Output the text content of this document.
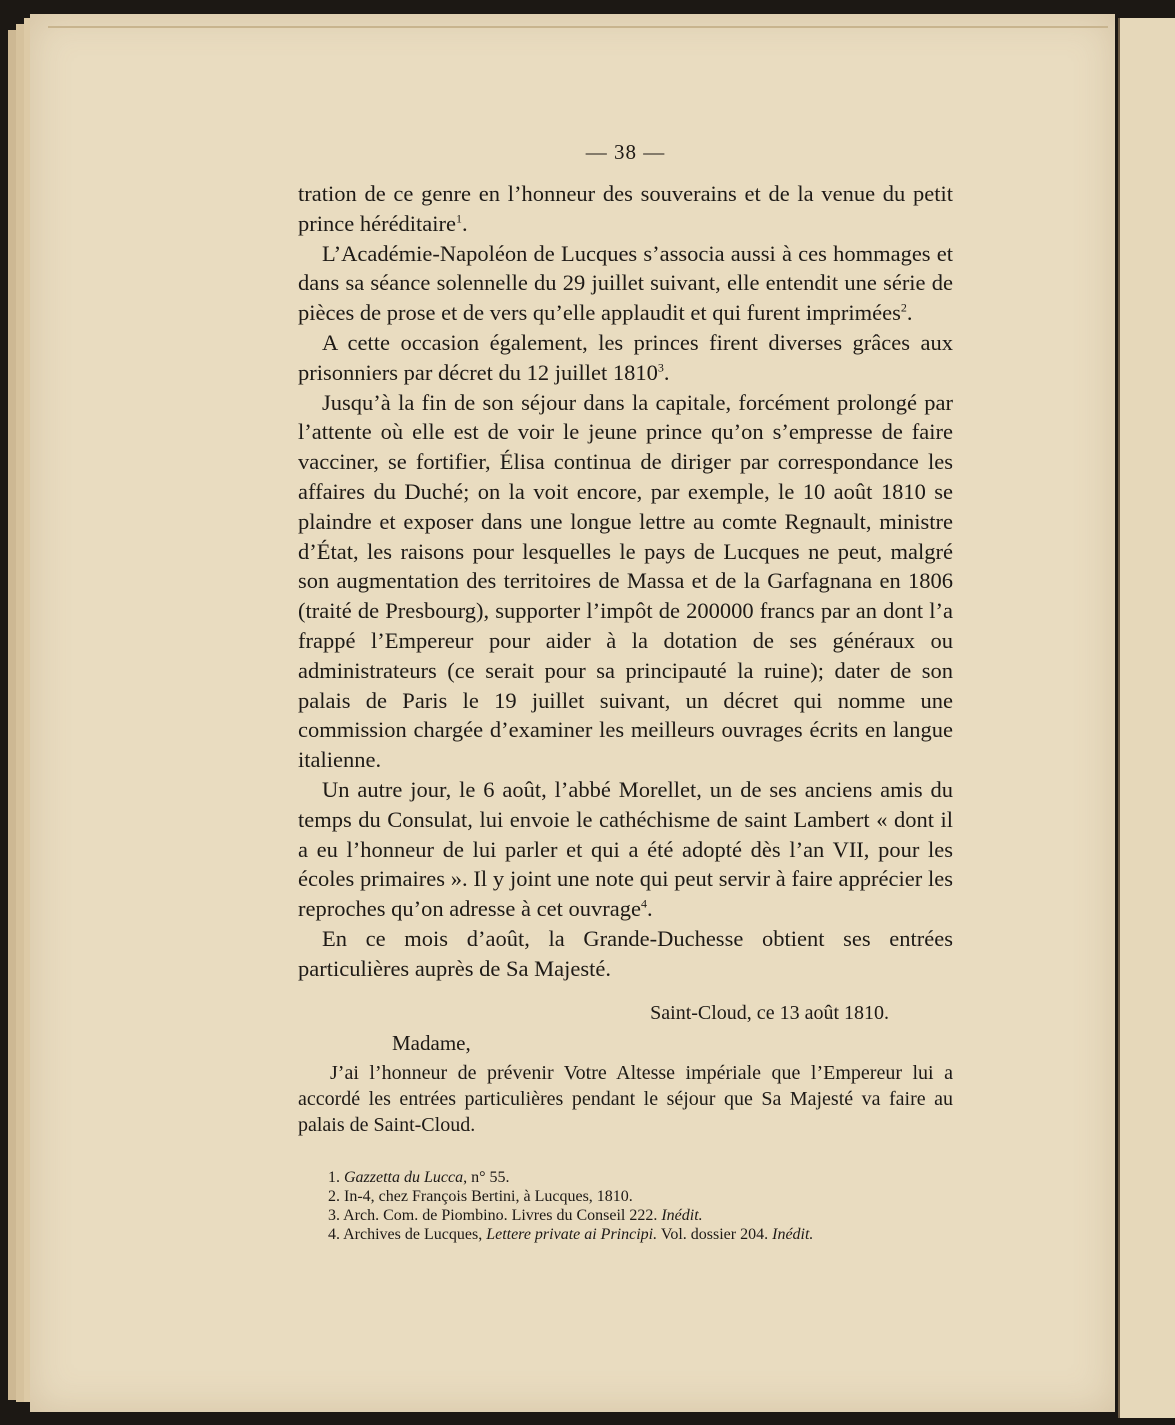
— 38 —

tration de ce genre en l’honneur des souverains et de la venue du petit prince héréditaire$^1$.

L’Académie-Napoléon de Lucques s’associa aussi à ces hommages et dans sa séance solennelle du 29 juillet suivant, elle entendit une série de pièces de prose et de vers qu’elle applaudit et qui furent imprimées$^2$.

A cette occasion également, les princes firent diverses grâces aux prisonniers par décret du 12 juillet 1810$^3$.

Jusqu’à la fin de son séjour dans la capitale, forcément prolongé par l’attente où elle est de voir le jeune prince qu’on s’empresse de faire vacciner, se fortifier, Élisa continua de diriger par correspondance les affaires du Duché; on la voit encore, par exemple, le 10 août 1810 se plaindre et exposer dans une longue lettre au comte Regnault, ministre d’État, les raisons pour lesquelles le pays de Lucques ne peut, malgré son augmentation des territoires de Massa et de la Garfagnana en 1806 (traité de Presbourg), supporter l’impôt de 200000 francs par an dont l’a frappé l’Empereur pour aider à la dotation de ses généraux ou administrateurs (ce serait pour sa principauté la ruine); dater de son palais de Paris le 19 juillet suivant, un décret qui nomme une commission chargée d’examiner les meilleurs ouvrages écrits en langue italienne.

Un autre jour, le 6 août, l’abbé Morellet, un de ses anciens amis du temps du Consulat, lui envoie le cathéchisme de saint Lambert « dont il a eu l’honneur de lui parler et qui a été adopté dès l’an VII, pour les écoles primaires ». Il y joint une note qui peut servir à faire apprécier les reproches qu’on adresse à cet ouvrage$^4$.

En ce mois d’août, la Grande-Duchesse obtient ses entrées particulières auprès de Sa Majesté.

Saint-Cloud, ce 13 août 1810.
Madame,
J’ai l’honneur de prévenir Votre Altesse impériale que l’Empereur lui a accordé les entrées particulières pendant le séjour que Sa Majesté va faire au palais de Saint-Cloud.
1. Gazzetta du Lucca, n° 55.
2. In-4, chez François Bertini, à Lucques, 1810.
3. Arch. Com. de Piombino. Livres du Conseil 222. Inédit.
4. Archives de Lucques, Lettere private ai Principi. Vol. dossier 204. Inédit.
